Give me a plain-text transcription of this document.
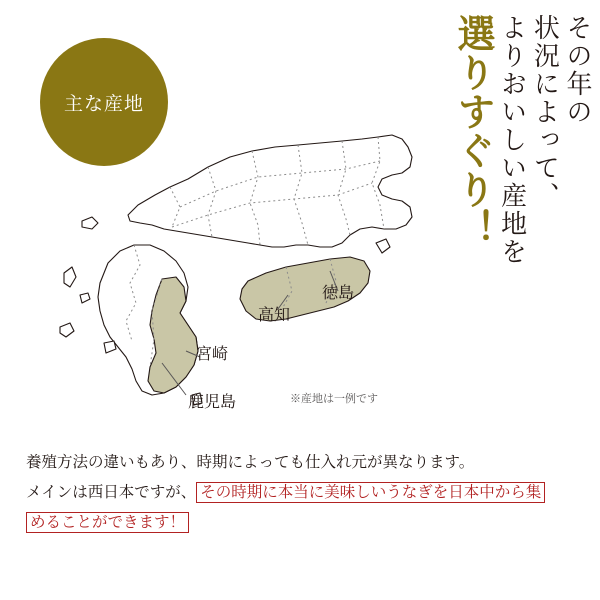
主な産地	その年の
状況によって、
よりおいしい産地を
選りすぐり！
徳島
高知
宮崎
鹿児島	※産地は一例です
養殖方法の違いもあり、時期によっても仕入れ元が異なります。
メインは西日本ですが、 その時期に本当に美味しいうなぎを日本中から集
めることができます！
